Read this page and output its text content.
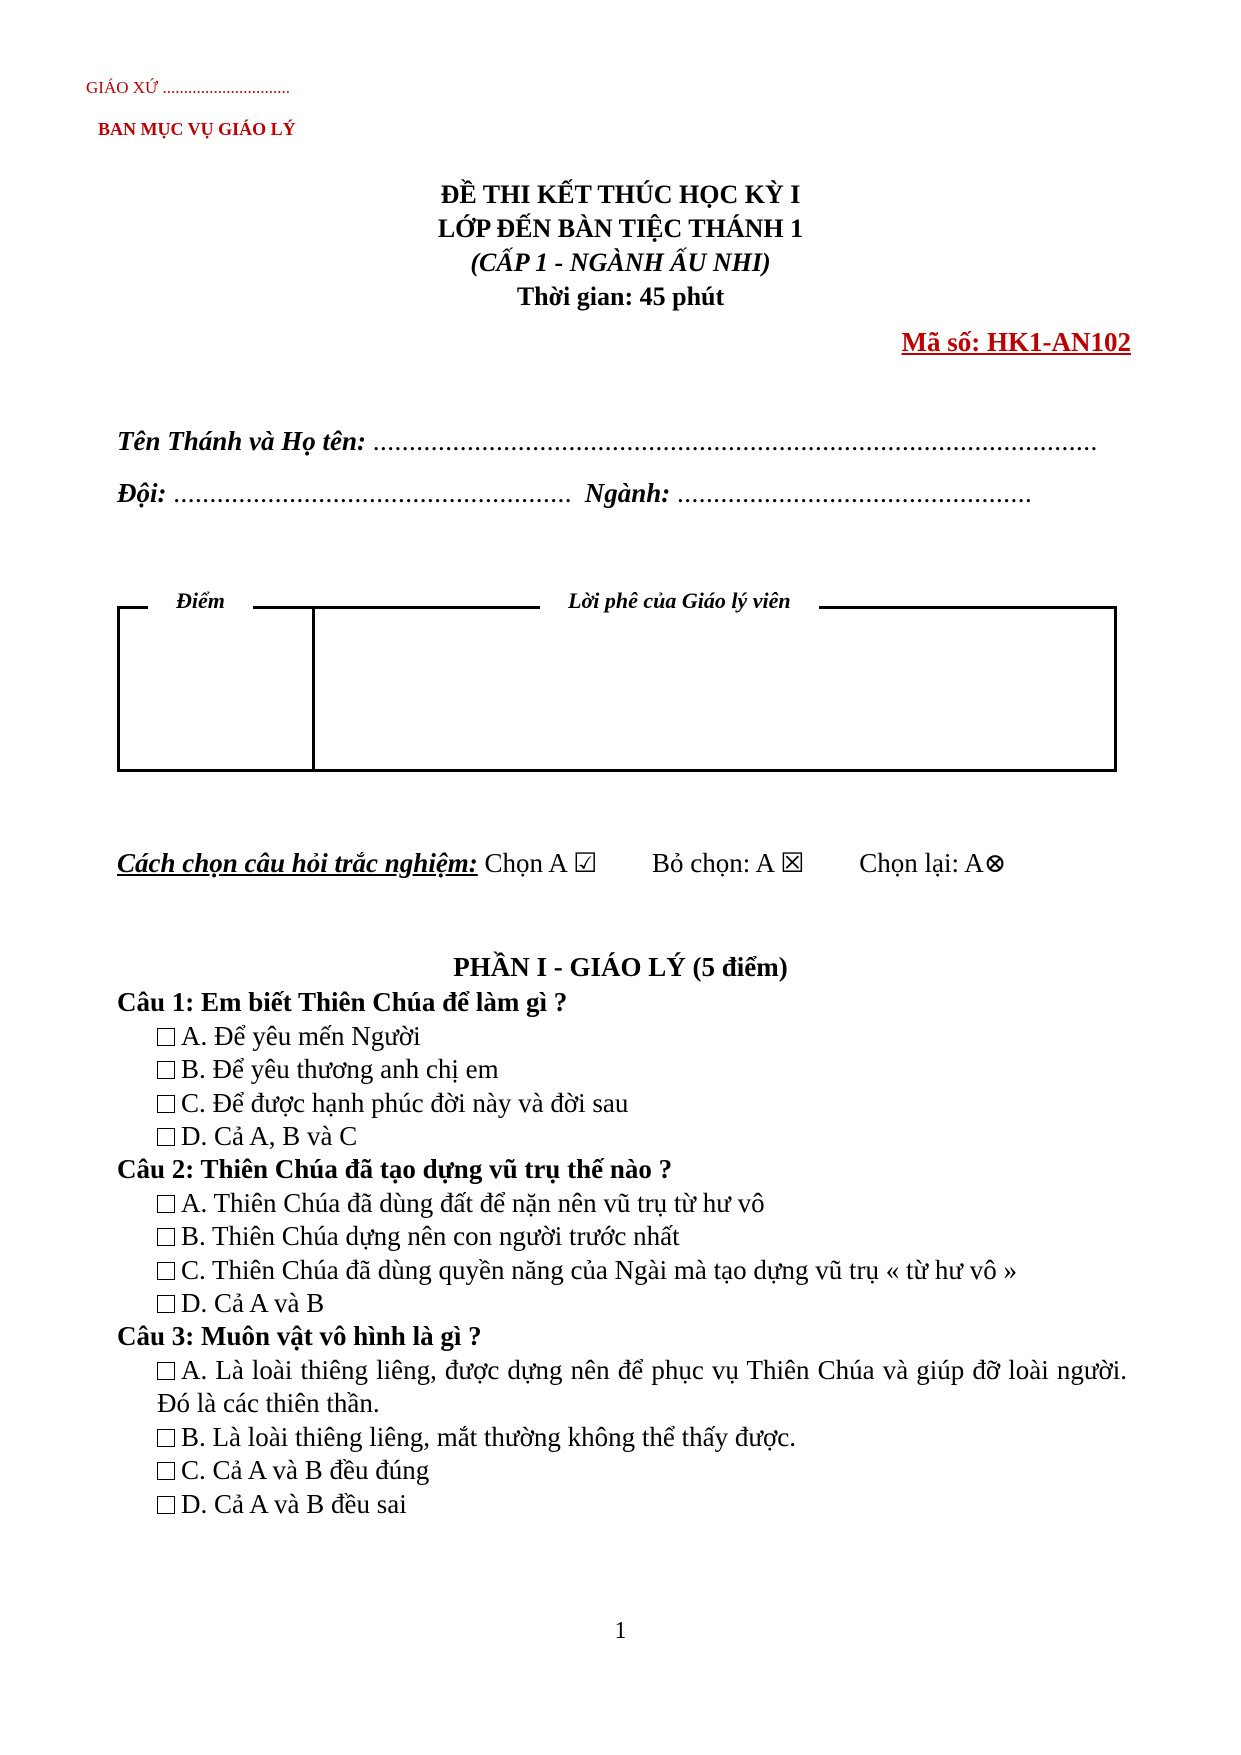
GIÁO XỨ ..............................
BAN MỤC VỤ GIÁO LÝ
ĐỀ THI KẾT THÚC HỌC KỲ I
LỚP ĐẾN BÀN TIỆC THÁNH 1
(CẤP 1 - NGÀNH ẤU NHI)
Thời gian: 45 phút
Mã số: HK1-AN102
Tên Thánh và Họ tên: ....................................................................................................
Đội: ....................................................... Ngành: .................................................
Điểm	Lời phê của Giáo lý viên
Cách chọn câu hỏi trắc nghiệm: Chọn A ☑ Bỏ chọn: A ☒ Chọn lại: A⊗
PHẦN I - GIÁO LÝ (5 điểm)
Câu 1: Em biết Thiên Chúa để làm gì ?
A. Để yêu mến Người
B. Để yêu thương anh chị em
C. Để được hạnh phúc đời này và đời sau
D. Cả A, B và C
Câu 2: Thiên Chúa đã tạo dựng vũ trụ thế nào ?
A. Thiên Chúa đã dùng đất để nặn nên vũ trụ từ hư vô
B. Thiên Chúa dựng nên con người trước nhất
C. Thiên Chúa đã dùng quyền năng của Ngài mà tạo dựng vũ trụ « từ hư vô »
D. Cả A và B
Câu 3: Muôn vật vô hình là gì ?
A. Là loài thiêng liêng, được dựng nên để phục vụ Thiên Chúa và giúp đỡ loài người. Đó là các thiên thần.
B. Là loài thiêng liêng, mắt thường không thể thấy được.
C. Cả A và B đều đúng
D. Cả A và B đều sai
1
